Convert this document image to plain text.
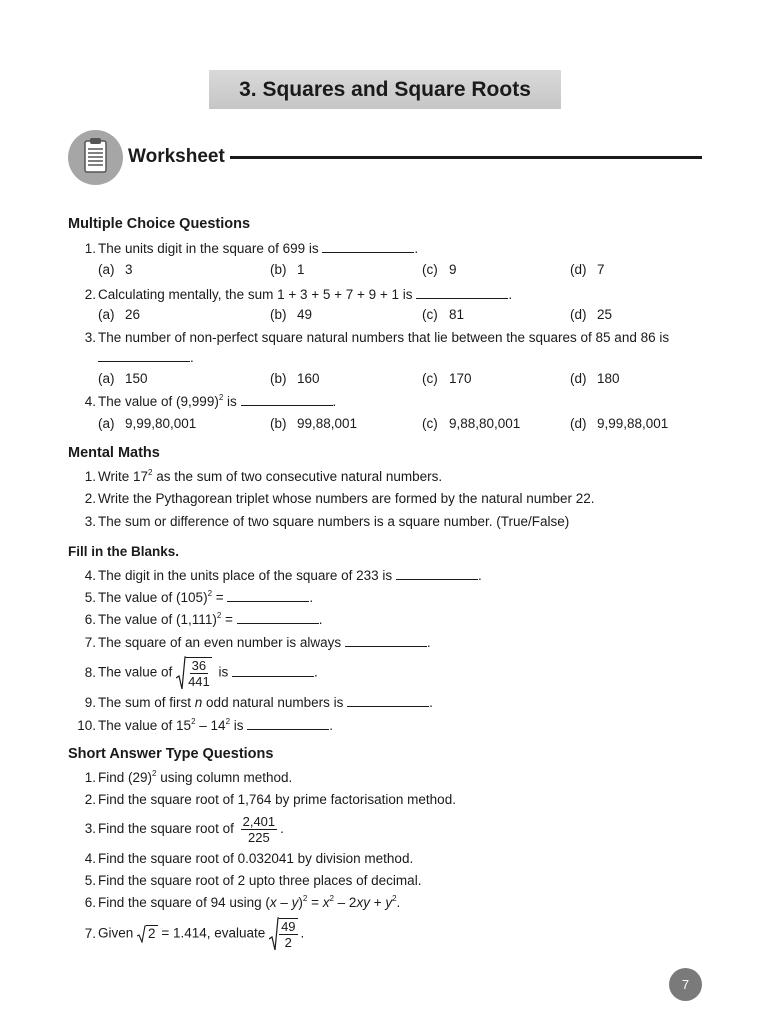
3. Squares and Square Roots
Worksheet
Multiple Choice Questions
1. The units digit in the square of 699 is	.
(a) 3	(b) 1	(c) 9	(d) 7
2. Calculating mentally, the sum 1 + 3 + 5 + 7 + 9 + 1 is	.
(a) 26	(b) 49	(c) 81	(d) 25
3. The number of non-perfect square natural numbers that lie between the squares of 85 and 86 is
.
(a) 150	(b) 160	(c) 170	(d) 180
4. The value of $(9,999)^2$ is	.
(a) 9,99,80,001	(b) 99,88,001	(c) 9,88,80,001	(d) 9,99,88,001
Mental Maths
1. Write $17^2$ as the sum of two consecutive natural numbers.
2. Write the Pythagorean triplet whose numbers are formed by the natural number 22.
3. The sum or difference of two square numbers is a square number. (True/False)
Fill in the Blanks.
4. The digit in the units place of the square of 233 is	.
5. The value of $(105)^2$ =	.
6. The value of $(1,111)^2$ =	.
7. The square of an even number is always	.
8. The value of $\frac{36}{441}$ is	.
9. The sum of first n odd natural numbers is	.
10. The value of $15^2 - 14^2$ is	.
Short Answer Type Questions
1. Find $(29)^2$ using column method.
2. Find the square root of 1,764 by prime factorisation method.
3. Find the square root of $\frac{2,401}{225}$ .
4. Find the square root of 0.032041 by division method.
5. Find the square root of 2 upto three places of decimal.
6. Find the square of 94 using $(x - y)^2 = x^2 - 2xy + y^2$.
7. Given 2 = 1.414, evaluate $\frac{49}{2}$ .
7
